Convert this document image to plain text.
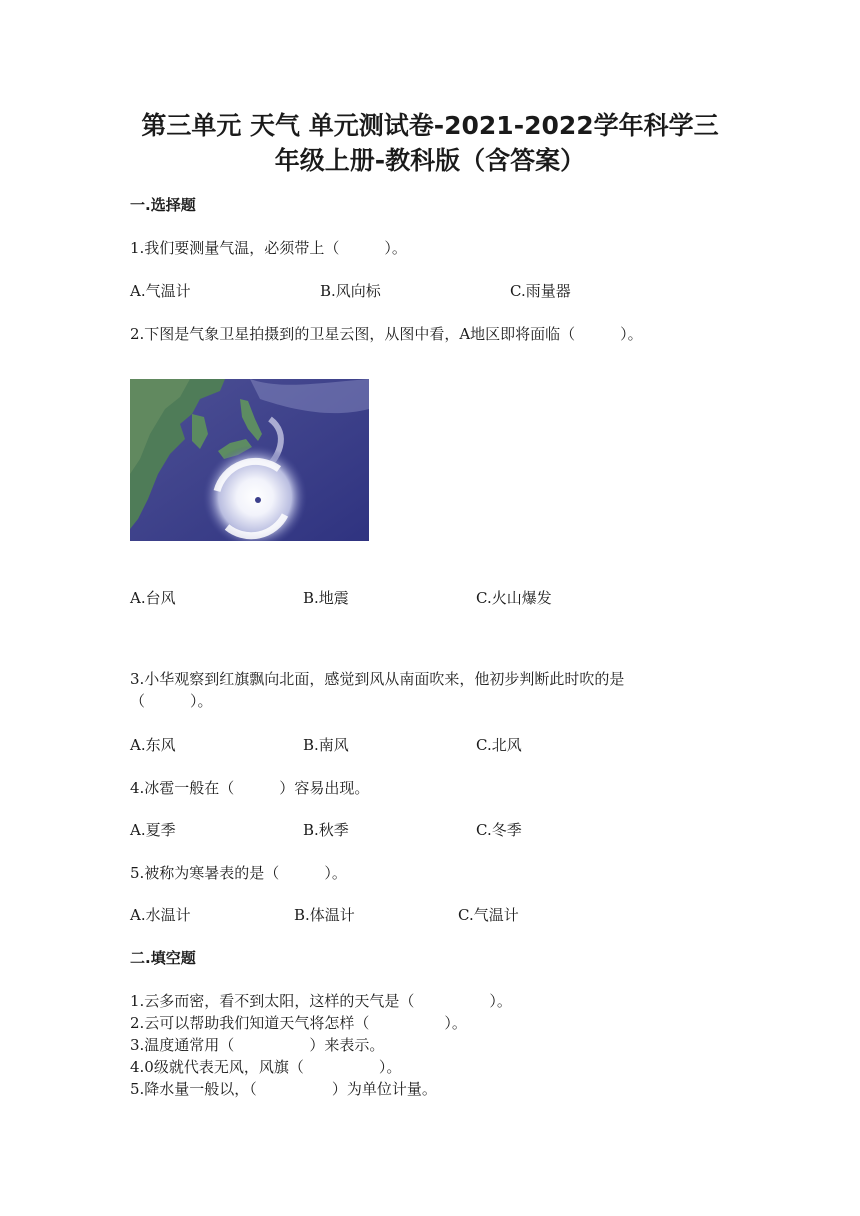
第三单元 天气 单元测试卷-2021-2022学年科学三
年级上册-教科版（含答案）
一.选择题
1.我们要测量气温，必须带上（　　　）。
A.气温计	B.风向标	C.雨量器
2.下图是气象卫星拍摄到的卫星云图，从图中看，A地区即将面临（　　　）。
A.台风	B.地震	C.火山爆发
3.小华观察到红旗飘向北面，感觉到风从南面吹来，他初步判断此时吹的是
（　　　）。
A.东风	B.南风	C.北风
4.冰雹一般在（　　　）容易出现。
A.夏季	B.秋季	C.冬季
5.被称为寒暑表的是（　　　）。
A.水温计	B.体温计	C.气温计
二.填空题
1.云多而密，看不到太阳，这样的天气是（　　　　　）。
2.云可以帮助我们知道天气将怎样（　　　　　）。
3.温度通常用（　　　　　）来表示。
4.0级就代表无风，风旗（　　　　　）。
5.降水量一般以，（　　　　　）为单位计量。
